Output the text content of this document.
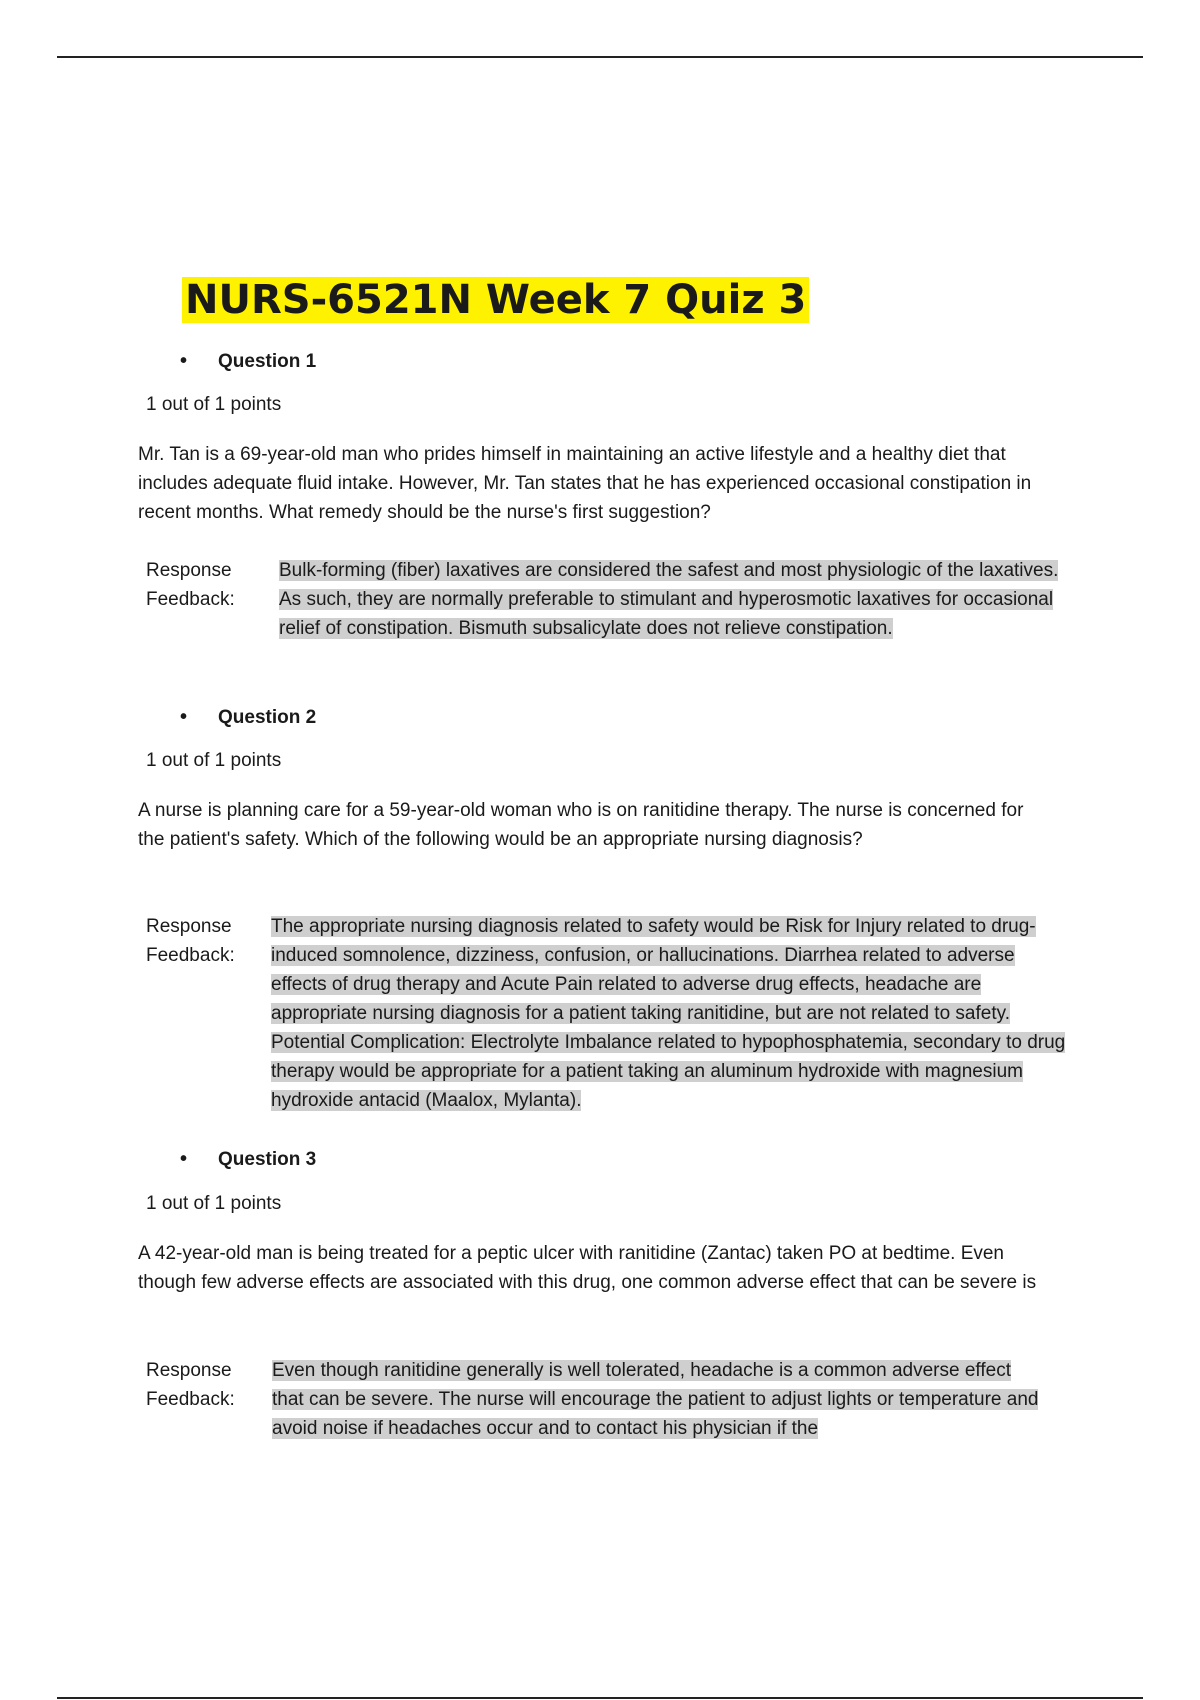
NURS-6521N Week 7 Quiz 3
• Question 1
1 out of 1 points
Mr. Tan is a 69-year-old man who prides himself in maintaining an active lifestyle and a healthy diet that includes adequate fluid intake. However, Mr. Tan states that he has experienced occasional constipation in recent months. What remedy should be the nurse's first suggestion?
Response
Feedback:
Bulk-forming (fiber) laxatives are considered the safest and most physiologic of the laxatives. As such, they are normally preferable to stimulant and hyperosmotic laxatives for occasional relief of constipation. Bismuth subsalicylate does not relieve constipation.
• Question 2
1 out of 1 points
A nurse is planning care for a 59-year-old woman who is on ranitidine therapy. The nurse is concerned for the patient's safety. Which of the following would be an appropriate nursing diagnosis?
Response
Feedback:
The appropriate nursing diagnosis related to safety would be Risk for Injury related to drug-induced somnolence, dizziness, confusion, or hallucinations. Diarrhea related to adverse effects of drug therapy and Acute Pain related to adverse drug effects, headache are appropriate nursing diagnosis for a patient taking ranitidine, but are not related to safety. Potential Complication: Electrolyte Imbalance related to hypophosphatemia, secondary to drug therapy would be appropriate for a patient taking an aluminum hydroxide with magnesium hydroxide antacid (Maalox, Mylanta).
• Question 3
1 out of 1 points
A 42-year-old man is being treated for a peptic ulcer with ranitidine (Zantac) taken PO at bedtime. Even though few adverse effects are associated with this drug, one common adverse effect that can be severe is
Response
Feedback:
Even though ranitidine generally is well tolerated, headache is a common adverse effect that can be severe. The nurse will encourage the patient to adjust lights or temperature and avoid noise if headaches occur and to contact his physician if the
